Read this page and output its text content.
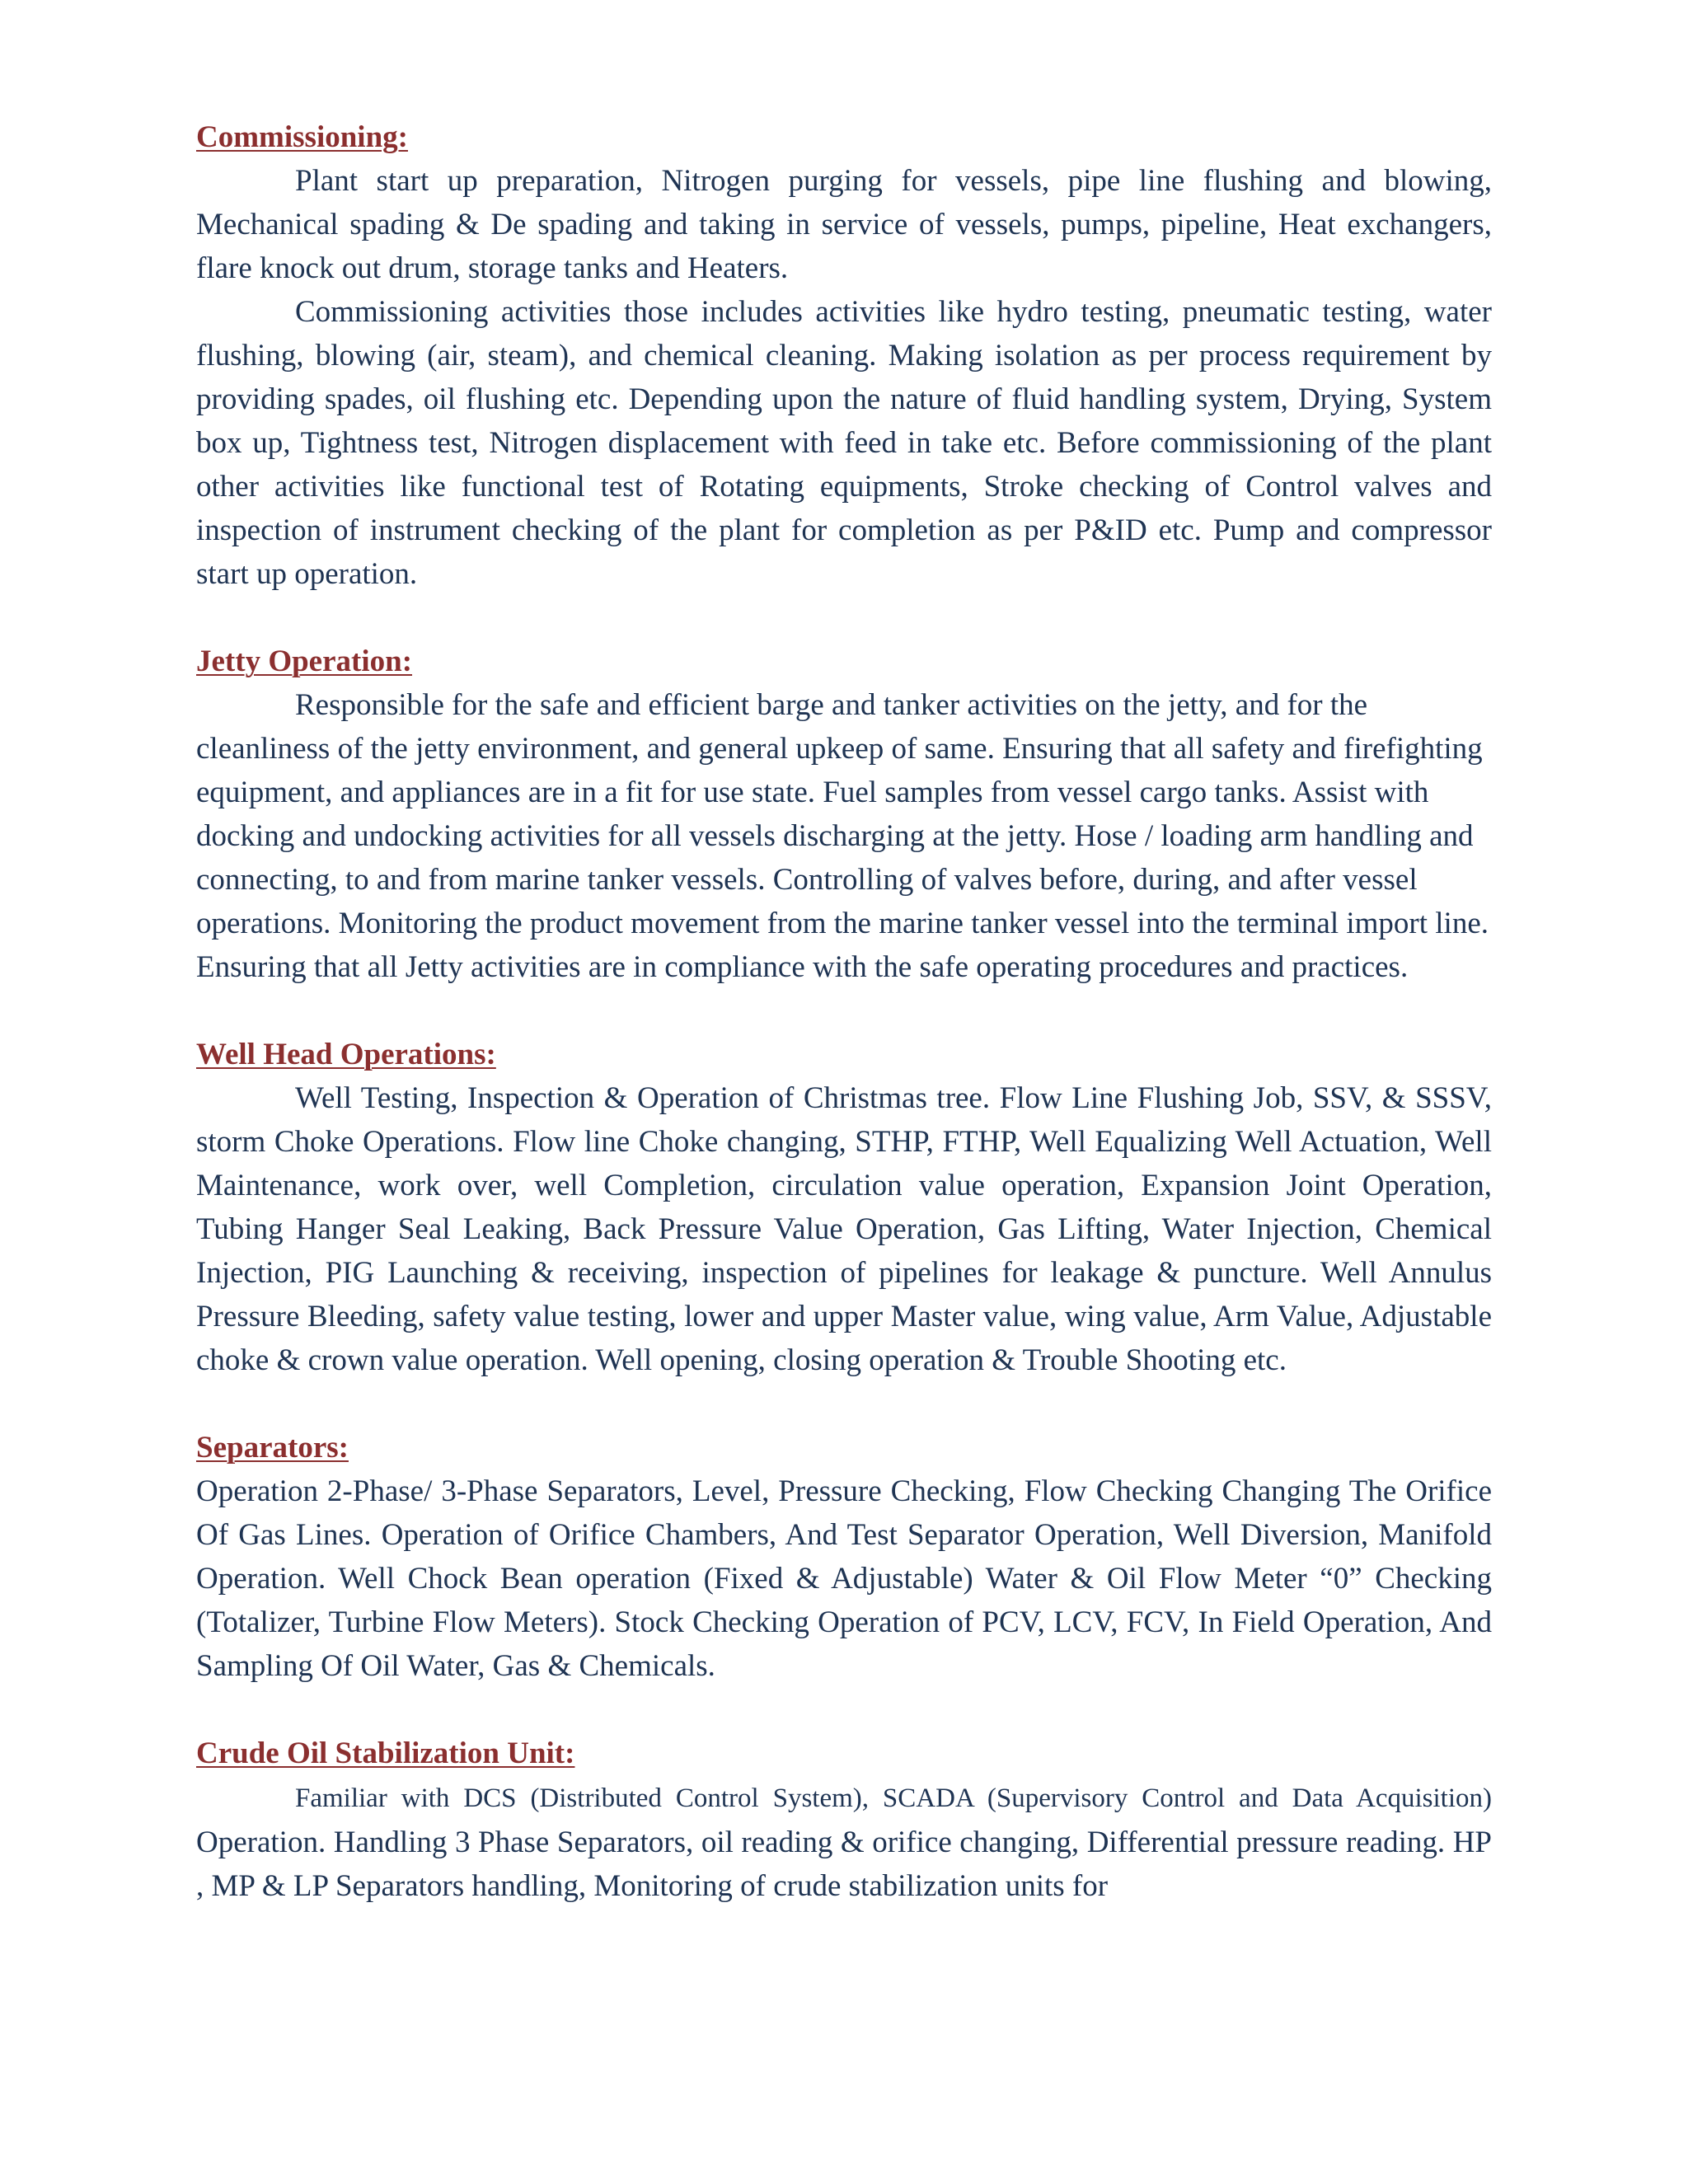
Commissioning:

Plant start up preparation, Nitrogen purging for vessels, pipe line flushing and blowing, Mechanical spading & De spading and taking in service of vessels, pumps, pipeline, Heat exchangers, flare knock out drum, storage tanks and Heaters.

Commissioning activities those includes activities like hydro testing, pneumatic testing, water flushing, blowing (air, steam), and chemical cleaning. Making isolation as per process requirement by providing spades, oil flushing etc. Depending upon the nature of fluid handling system, Drying, System box up, Tightness test, Nitrogen displacement with feed in take etc. Before commissioning of the plant other activities like functional test of Rotating equipments, Stroke checking of Control valves and inspection of instrument checking of the plant for completion as per P&ID etc. Pump and compressor start up operation.

Jetty Operation:

Responsible for the safe and efficient barge and tanker activities on the jetty, and for the cleanliness of the jetty environment, and general upkeep of same. Ensuring that all safety and firefighting equipment, and appliances are in a fit for use state. Fuel samples from vessel cargo tanks. Assist with docking and undocking activities for all vessels discharging at the jetty. Hose / loading arm handling and connecting, to and from marine tanker vessels. Controlling of valves before, during, and after vessel operations. Monitoring the product movement from the marine tanker vessel into the terminal import line. Ensuring that all Jetty activities are in compliance with the safe operating procedures and practices.

Well Head Operations:

Well Testing, Inspection & Operation of Christmas tree. Flow Line Flushing Job, SSV, & SSSV, storm Choke Operations. Flow line Choke changing, STHP, FTHP, Well Equalizing Well Actuation, Well Maintenance, work over, well Completion, circulation value operation, Expansion Joint Operation, Tubing Hanger Seal Leaking, Back Pressure Value Operation, Gas Lifting, Water Injection, Chemical Injection, PIG Launching & receiving, inspection of pipelines for leakage & puncture. Well Annulus Pressure Bleeding, safety value testing, lower and upper Master value, wing value, Arm Value, Adjustable choke & crown value operation. Well opening, closing operation & Trouble Shooting etc.

Separators:

Operation 2-Phase/ 3-Phase Separators, Level, Pressure Checking, Flow Checking Changing The Orifice Of Gas Lines. Operation of Orifice Chambers, And Test Separator Operation, Well Diversion, Manifold Operation. Well Chock Bean operation (Fixed & Adjustable) Water & Oil Flow Meter “0” Checking (Totalizer, Turbine Flow Meters). Stock Checking Operation of PCV, LCV, FCV, In Field Operation, And Sampling Of Oil Water, Gas & Chemicals.

Crude Oil Stabilization Unit:

Familiar with DCS (Distributed Control System), SCADA (Supervisory Control and Data Acquisition) Operation. Handling 3 Phase Separators, oil reading & orifice changing, Differential pressure reading. HP , MP & LP Separators handling, Monitoring of crude stabilization units for
